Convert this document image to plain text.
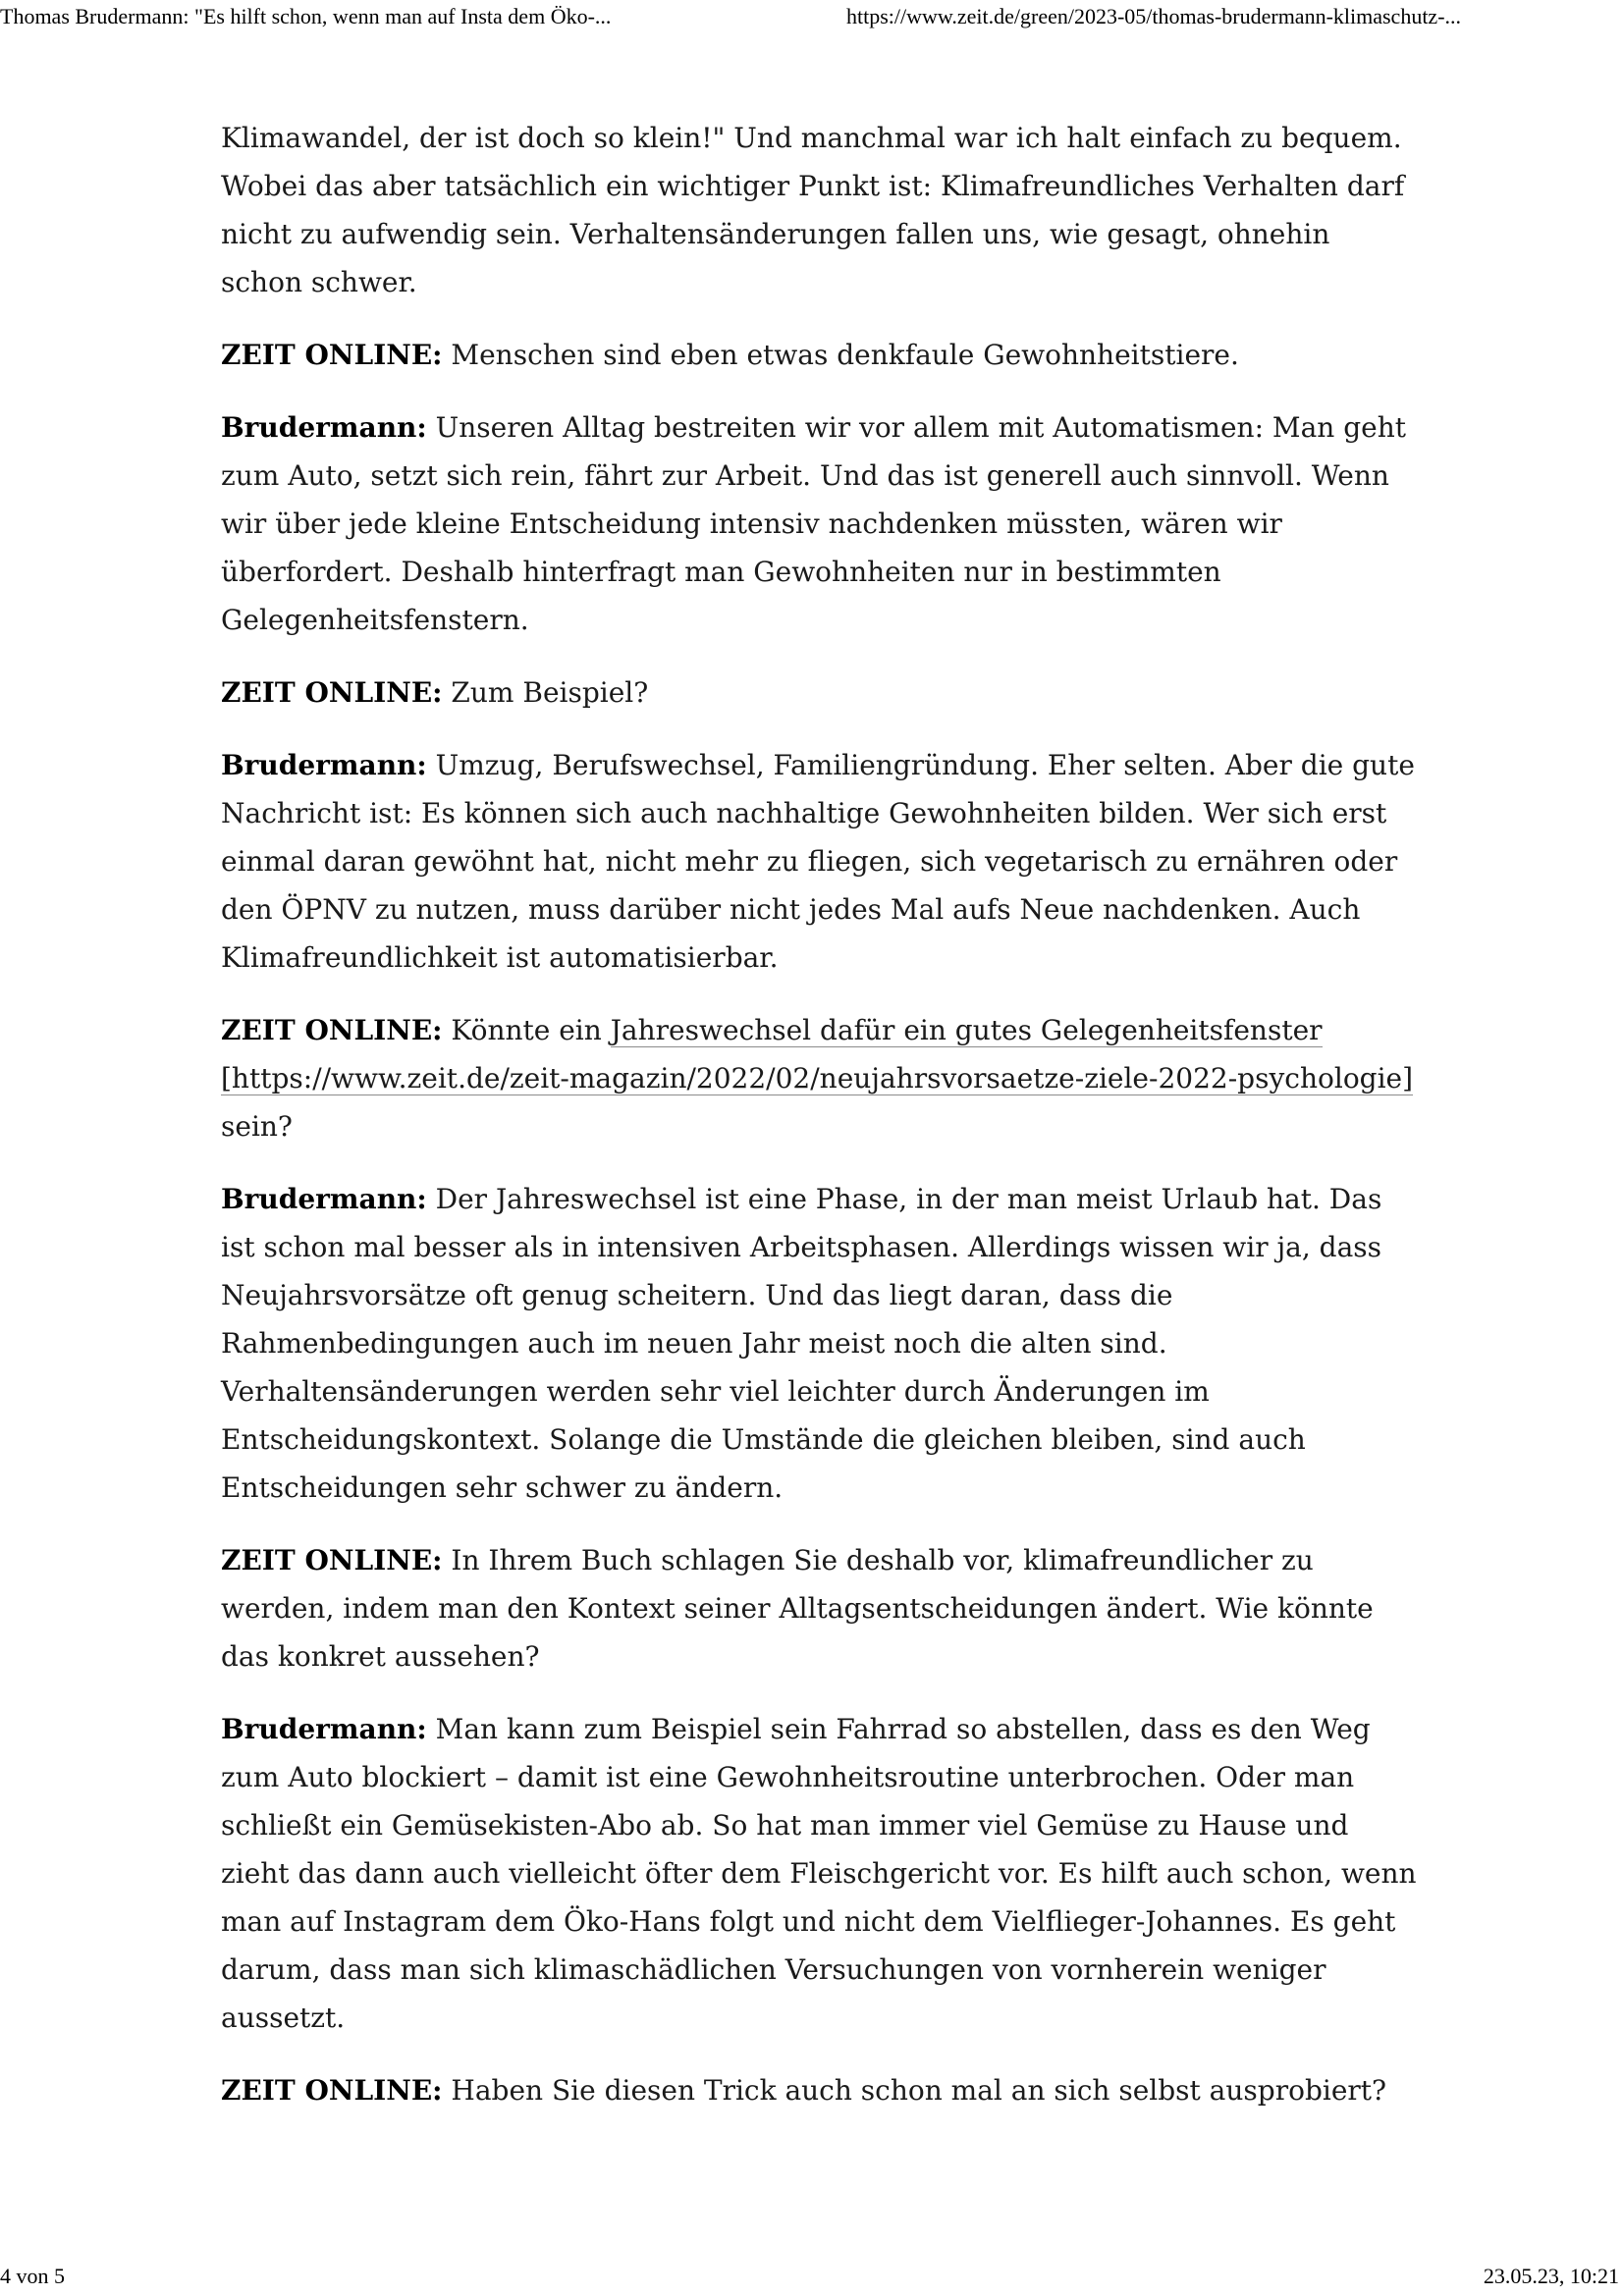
Thomas Brudermann: "Es hilft schon, wenn man auf Insta dem Öko-...	https://www.zeit.de/green/2023-05/thomas-brudermann-klimaschutz-...

Klimawandel, der ist doch so klein!" Und manchmal war ich halt einfach zu bequem. Wobei das aber tatsächlich ein wichtiger Punkt ist: Klimafreundliches Verhalten darf nicht zu aufwendig sein. Verhaltensänderungen fallen uns, wie gesagt, ohnehin schon schwer.

ZEIT ONLINE: Menschen sind eben etwas denkfaule Gewohnheitstiere.

Brudermann: Unseren Alltag bestreiten wir vor allem mit Automatismen: Man geht zum Auto, setzt sich rein, fährt zur Arbeit. Und das ist generell auch sinnvoll. Wenn wir über jede kleine Entscheidung intensiv nachdenken müssten, wären wir überfordert. Deshalb hinterfragt man Gewohnheiten nur in bestimmten Gelegenheitsfenstern.

ZEIT ONLINE: Zum Beispiel?

Brudermann: Umzug, Berufswechsel, Familiengründung. Eher selten. Aber die gute Nachricht ist: Es können sich auch nachhaltige Gewohnheiten bilden. Wer sich erst einmal daran gewöhnt hat, nicht mehr zu fliegen, sich vegetarisch zu ernähren oder den ÖPNV zu nutzen, muss darüber nicht jedes Mal aufs Neue nachdenken. Auch Klimafreundlichkeit ist automatisierbar.

ZEIT ONLINE: Könnte ein Jahreswechsel dafür ein gutes Gelegenheitsfenster [https://www.zeit.de/zeit-magazin/2022/02/neujahrsvorsaetze-ziele-2022-psychologie] sein?

Brudermann: Der Jahreswechsel ist eine Phase, in der man meist Urlaub hat. Das ist schon mal besser als in intensiven Arbeitsphasen. Allerdings wissen wir ja, dass Neujahrsvorsätze oft genug scheitern. Und das liegt daran, dass die Rahmenbedingungen auch im neuen Jahr meist noch die alten sind. Verhaltensänderungen werden sehr viel leichter durch Änderungen im Entscheidungskontext. Solange die Umstände die gleichen bleiben, sind auch Entscheidungen sehr schwer zu ändern.

ZEIT ONLINE: In Ihrem Buch schlagen Sie deshalb vor, klimafreundlicher zu werden, indem man den Kontext seiner Alltagsentscheidungen ändert. Wie könnte das konkret aussehen?

Brudermann: Man kann zum Beispiel sein Fahrrad so abstellen, dass es den Weg zum Auto blockiert – damit ist eine Gewohnheitsroutine unterbrochen. Oder man schließt ein Gemüsekisten-Abo ab. So hat man immer viel Gemüse zu Hause und zieht das dann auch vielleicht öfter dem Fleischgericht vor. Es hilft auch schon, wenn man auf Instagram dem Öko-Hans folgt und nicht dem Vielflieger-Johannes. Es geht darum, dass man sich klimaschädlichen Versuchungen von vornherein weniger aussetzt.

ZEIT ONLINE: Haben Sie diesen Trick auch schon mal an sich selbst ausprobiert?

4 von 5	23.05.23, 10:21
